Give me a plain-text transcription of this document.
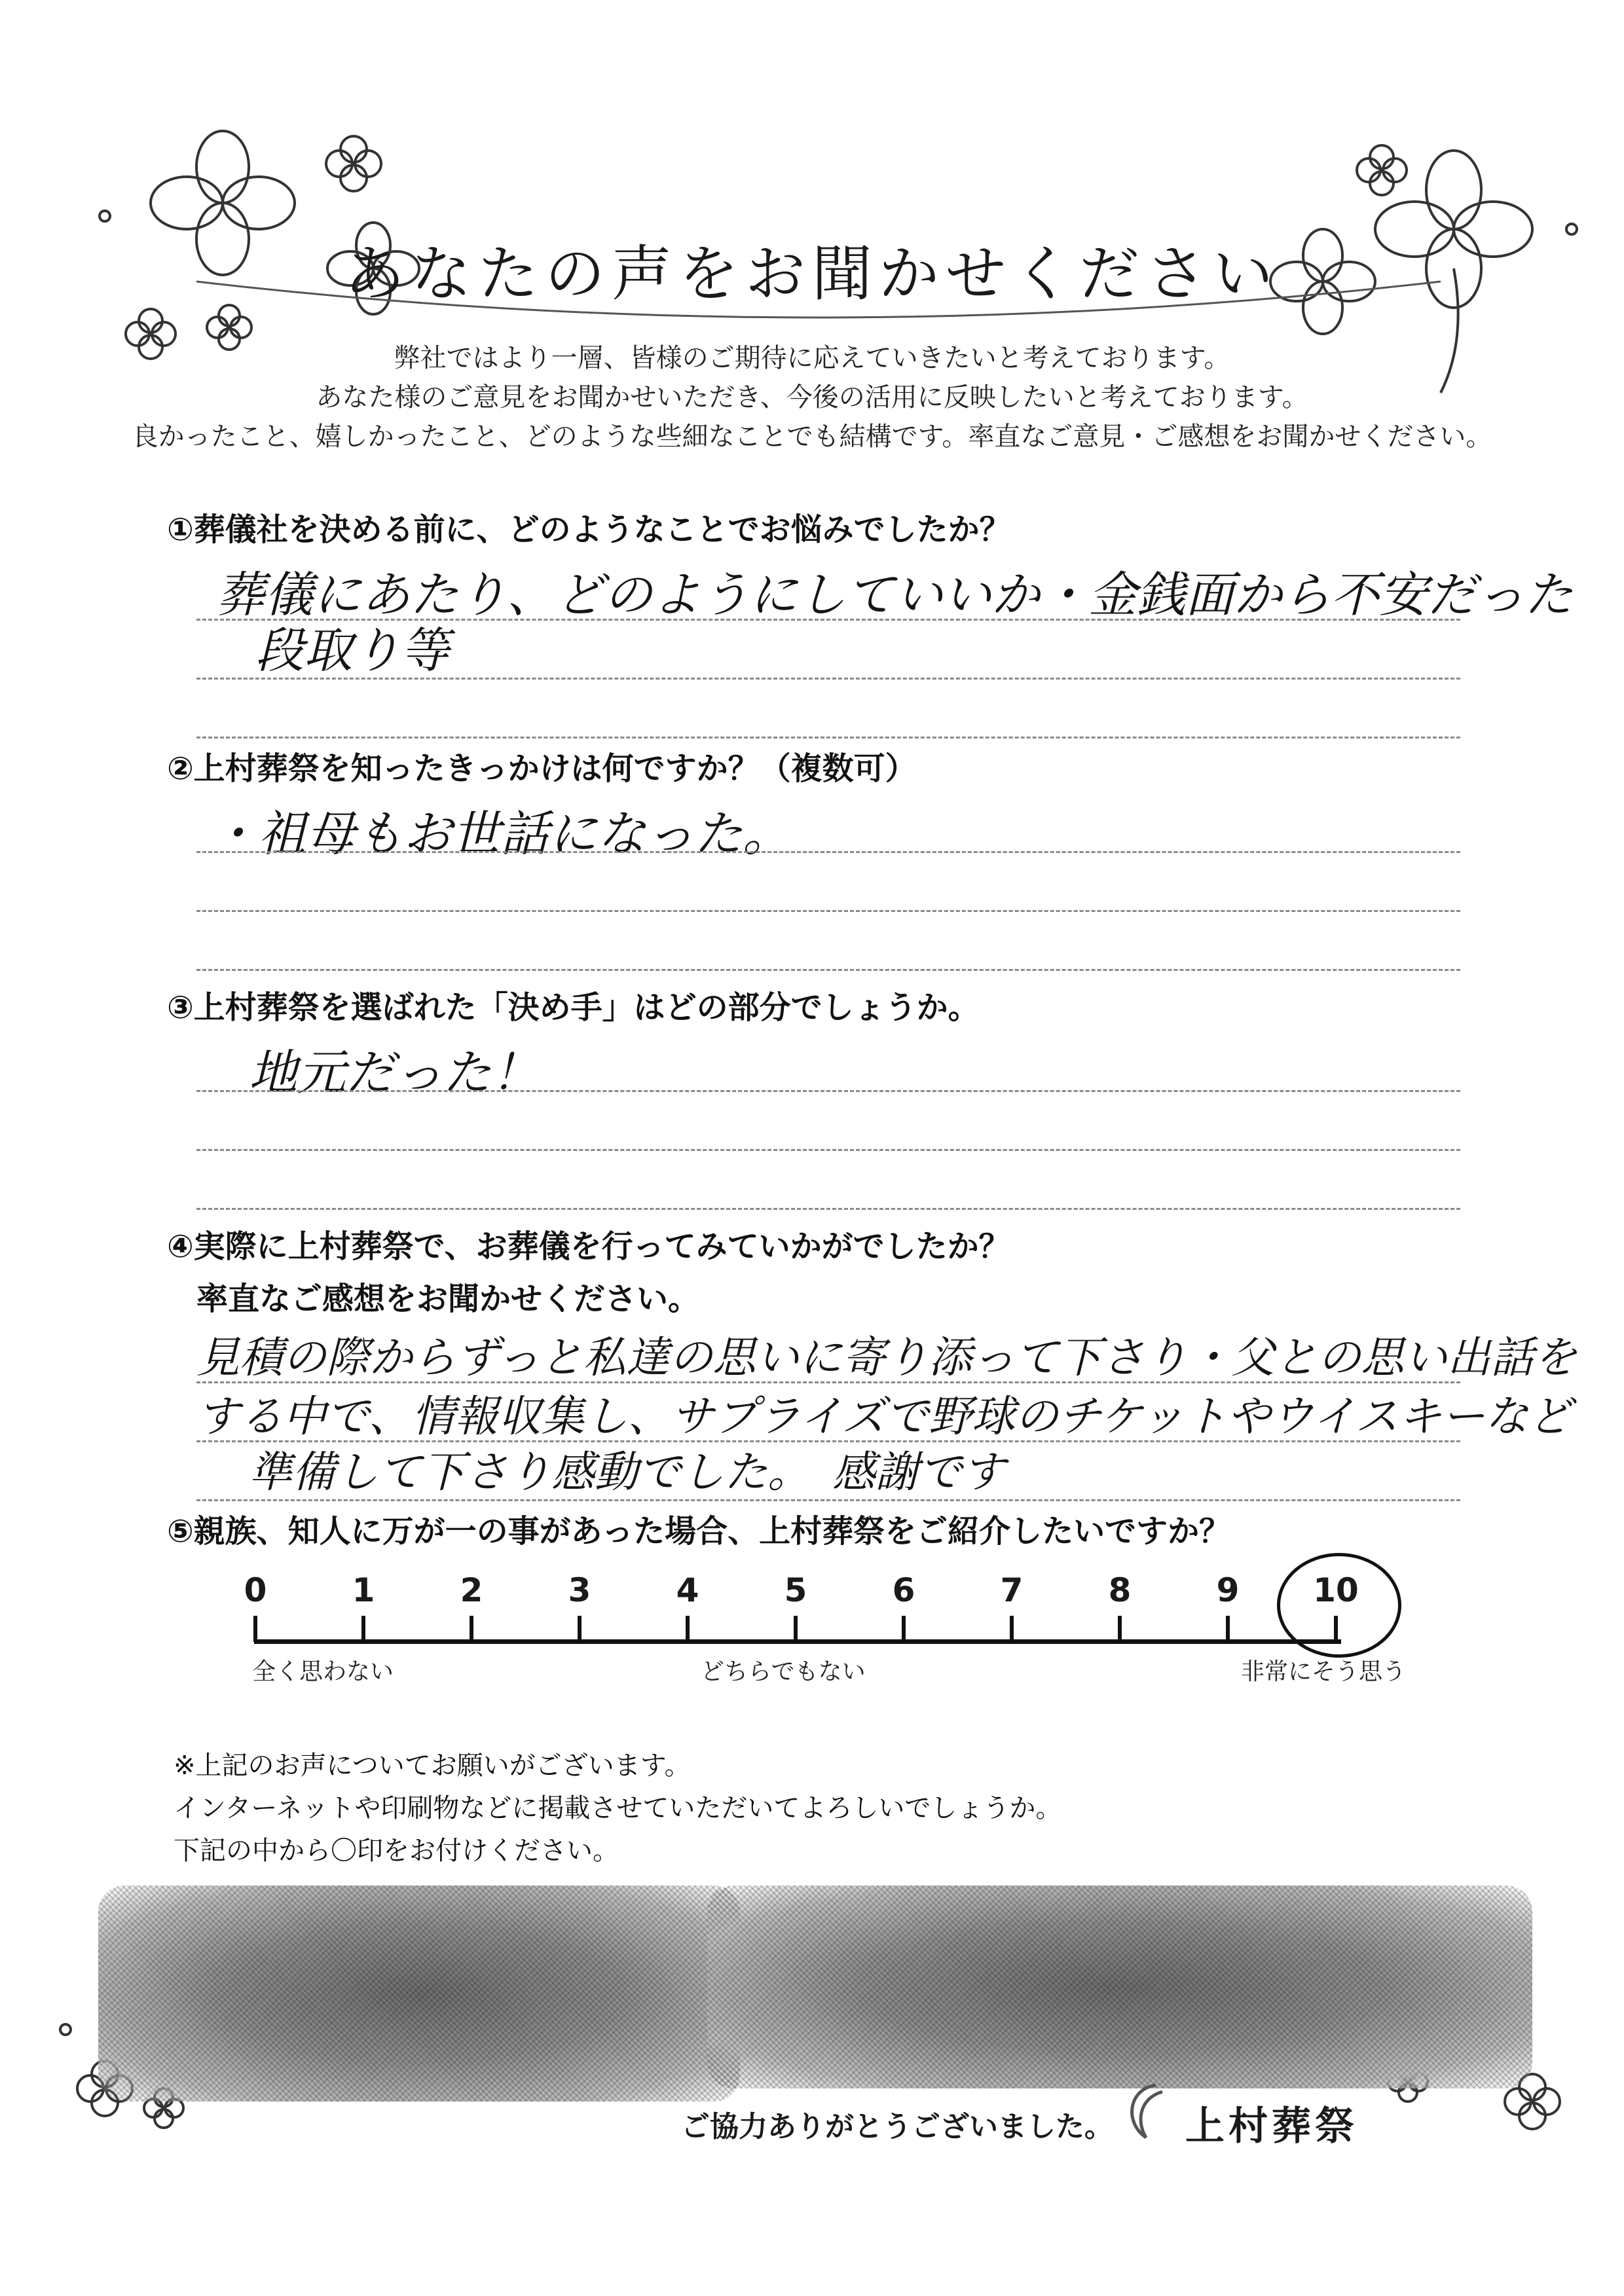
あなたの声をお聞かせください
弊社ではより一層、皆様のご期待に応えていきたいと考えております。
あなた様のご意見をお聞かせいただき、今後の活用に反映したいと考えております。
良かったこと、嬉しかったこと、どのような些細なことでも結構です。率直なご意見・ご感想をお聞かせください。
①葬儀社を決める前に、どのようなことでお悩みでしたか？
葬儀にあたり、どのようにしていいか・金銭面から不安だった
段取り等
②上村葬祭を知ったきっかけは何ですか？（複数可）
・祖母もお世話になった。
③上村葬祭を選ばれた「決め手」はどの部分でしょうか。
地元だった！
④実際に上村葬祭で、お葬儀を行ってみていかがでしたか？
率直なご感想をお聞かせください。
見積の際からずっと私達の思いに寄り添って下さり・父との思い出話を
する中で、情報収集し、サプライズで野球のチケットやウイスキーなど
準備して下さり感動でした。　感謝です
⑤親族、知人に万が一の事があった場合、上村葬祭をご紹介したいですか？
0	1	2	3	4	5	6	7	8	9	10
全く思わない	どちらでもない	非常にそう思う
※上記のお声についてお願いがございます。
インターネットや印刷物などに掲載させていただいてよろしいでしょうか。
下記の中から〇印をお付けください。
ご協力ありがとうございました。 上村葬祭
